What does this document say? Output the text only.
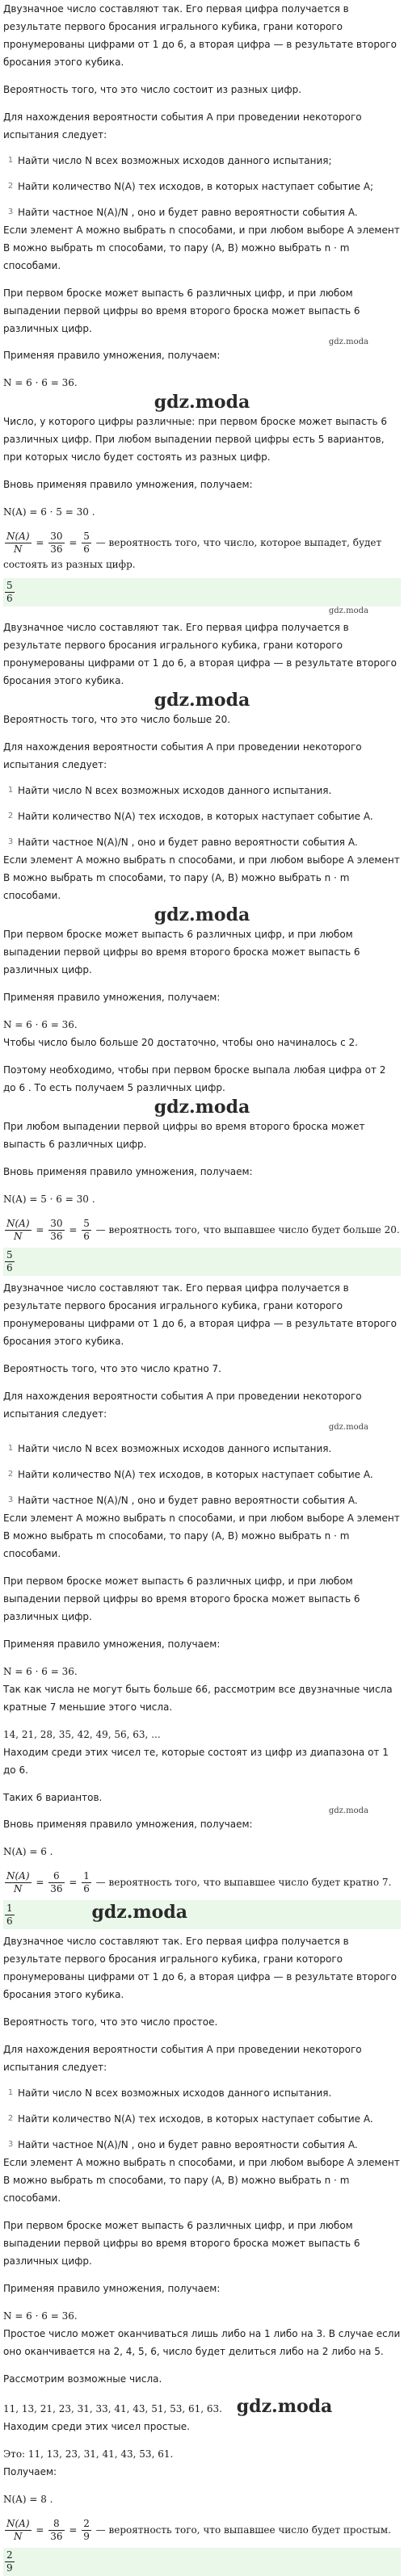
Двузначное число составляют так. Его первая цифра получается в результате первого бросания игрального кубика, грани которого пронумерованы цифрами от 1 до 6, а вторая цифра — в результате второго бросания этого кубика.

Вероятность того, что это число состоит из разных цифр.

Для нахождения вероятности события A при проведении некоторого испытания следует:

1 Найти число N всех возможных исходов данного испытания;
2 Найти количество N(A) тех исходов, в которых наступает событие A;
3 Найти частное N(A)/N , оно и будет равно вероятности события A.

Если элемент A можно выбрать n способами, и при любом выборе A элемент B можно выбрать m способами, то пару (A, B) можно выбрать n · m способами.

При первом броске может выпасть 6 различных цифр, и при любом выпадении первой цифры во время второго броска может выпасть 6 различных цифр.

gdz.moda

Применяя правило умножения, получаем:

N = 6 · 6 = 36.
gdz.moda

Число, у которого цифры различные: при первом броске может выпасть 6 различных цифр. При любом выпадении первой цифры есть 5 вариантов, при которых число будет состоять из разных цифр.

Вновь применяя правило умножения, получаем:

N(A) = 6 · 5 = 30 .
$\frac{N(A)}{N} = \frac{30}{36} = \frac{5}{6}$ — вероятность того, что число, которое выпадет, будет состоять из разных цифр.
$\frac{5}{6}$
gdz.moda

Двузначное число составляют так. Его первая цифра получается в результате первого бросания игрального кубика, грани которого пронумерованы цифрами от 1 до 6, а вторая цифра — в результате второго бросания этого кубика.

gdz.moda

Вероятность того, что это число больше 20.

Для нахождения вероятности события A при проведении некоторого испытания следует:

1 Найти число N всех возможных исходов данного испытания.
2 Найти количество N(A) тех исходов, в которых наступает событие A.
3 Найти частное N(A)/N , оно и будет равно вероятности события A.

Если элемент A можно выбрать n способами, и при любом выборе A элемент B можно выбрать m способами, то пару (A, B) можно выбрать n · m способами.

gdz.moda

При первом броске может выпасть 6 различных цифр, и при любом выпадении первой цифры во время второго броска может выпасть 6 различных цифр.

Применяя правило умножения, получаем:

N = 6 · 6 = 36.

Чтобы число было больше 20 достаточно, чтобы оно начиналось с 2.

Поэтому необходимо, чтобы при первом броске выпала любая цифра от 2 до 6 . То есть получаем 5 различных цифр.

gdz.moda

При любом выпадении первой цифры во время второго броска может выпасть 6 различных цифр.

Вновь применяя правило умножения, получаем:

N(A) = 5 · 6 = 30 .
$\frac{N(A)}{N} = \frac{30}{36} = \frac{5}{6}$ — вероятность того, что выпавшее число будет больше 20.
$\frac{5}{6}$

Двузначное число составляют так. Его первая цифра получается в результате первого бросания игрального кубика, грани которого пронумерованы цифрами от 1 до 6, а вторая цифра — в результате второго бросания этого кубика.

Вероятность того, что это число кратно 7.

Для нахождения вероятности события A при проведении некоторого испытания следует:

gdz.moda
1 Найти число N всех возможных исходов данного испытания.
2 Найти количество N(A) тех исходов, в которых наступает событие A.
3 Найти частное N(A)/N , оно и будет равно вероятности события A.

Если элемент A можно выбрать n способами, и при любом выборе A элемент B можно выбрать m способами, то пару (A, B) можно выбрать n · m способами.

При первом броске может выпасть 6 различных цифр, и при любом выпадении первой цифры во время второго броска может выпасть 6 различных цифр.

Применяя правило умножения, получаем:

N = 6 · 6 = 36.

Так как числа не могут быть больше 66, рассмотрим все двузначные числа кратные 7 меньшие этого числа.

14, 21, 28, 35, 42, 49, 56, 63, ...

Находим среди этих чисел те, которые состоят из цифр из диапазона от 1 до 6.

Таких 6 вариантов.

gdz.moda

Вновь применяя правило умножения, получаем:

N(A) = 6 .
$\frac{N(A)}{N} = \frac{6}{36} = \frac{1}{6}$ — вероятность того, что выпавшее число будет кратно 7.
$\frac{1}{6}$	gdz.moda

Двузначное число составляют так. Его первая цифра получается в результате первого бросания игрального кубика, грани которого пронумерованы цифрами от 1 до 6, а вторая цифра — в результате второго бросания этого кубика.

Вероятность того, что это число простое.

Для нахождения вероятности события A при проведении некоторого испытания следует:

1 Найти число N всех возможных исходов данного испытания.
2 Найти количество N(A) тех исходов, в которых наступает событие A.
3 Найти частное N(A)/N , оно и будет равно вероятности события A.

Если элемент A можно выбрать n способами, и при любом выборе A элемент B можно выбрать m способами, то пару (A, B) можно выбрать n · m способами.

При первом броске может выпасть 6 различных цифр, и при любом выпадении первой цифры во время второго броска может выпасть 6 различных цифр.

Применяя правило умножения, получаем:

N = 6 · 6 = 36.

Простое число может оканчиваться лишь либо на 1 либо на 3. В случае если оно оканчивается на 2, 4, 5, 6, число будет делиться либо на 2 либо на 5.

Рассмотрим возможные числа.

11, 13, 21, 23, 31, 33, 41, 43, 51, 53, 61, 63. gdz.moda

Находим среди этих чисел простые.

Это: 11, 13, 23, 31, 41, 43, 53, 61.

Получаем:

N(A) = 8 .
$\frac{N(A)}{N} = \frac{8}{36} = \frac{2}{9}$ — вероятность того, что выпавшее число будет простым.
$\frac{2}{9}$
